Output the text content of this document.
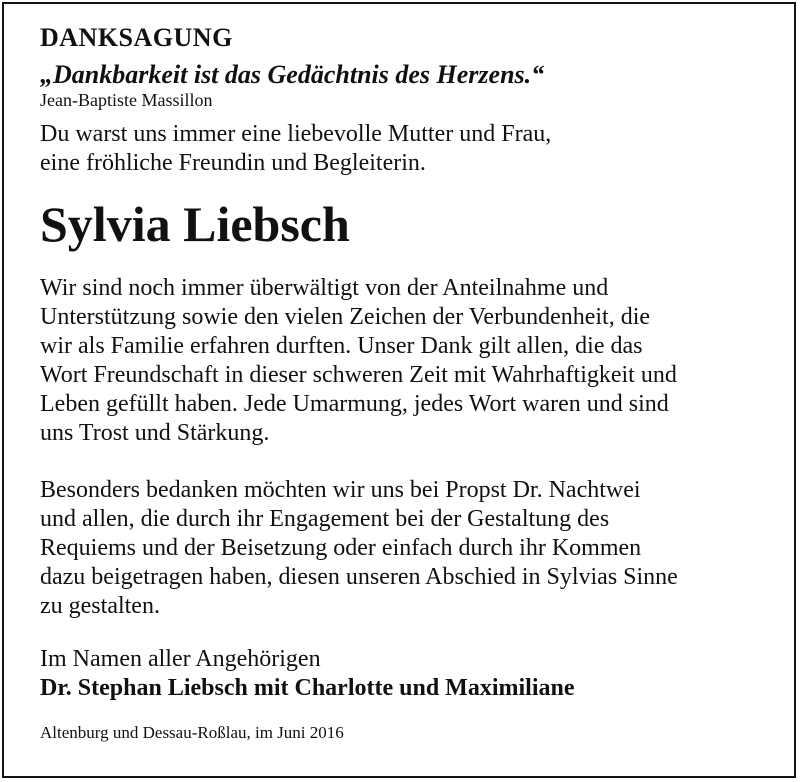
DANKSAGUNG

„Dankbarkeit ist das Gedächtnis des Herzens.“

Jean-Baptiste Massillon

Du warst uns immer eine liebevolle Mutter und Frau,
eine fröhliche Freundin und Begleiterin.

Sylvia Liebsch

Wir sind noch immer überwältigt von der Anteilnahme und
Unterstützung sowie den vielen Zeichen der Verbundenheit, die
wir als Familie erfahren durften. Unser Dank gilt allen, die das
Wort Freundschaft in dieser schweren Zeit mit Wahrhaftigkeit und
Leben gefüllt haben. Jede Umarmung, jedes Wort waren und sind
uns Trost und Stärkung.

Besonders bedanken möchten wir uns bei Propst Dr. Nachtwei
und allen, die durch ihr Engagement bei der Gestaltung des
Requiems und der Beisetzung oder einfach durch ihr Kommen
dazu beigetragen haben, diesen unseren Abschied in Sylvias Sinne
zu gestalten.

Im Namen aller Angehörigen

Dr. Stephan Liebsch mit Charlotte und Maximiliane

Altenburg und Dessau-Roßlau, im Juni 2016
